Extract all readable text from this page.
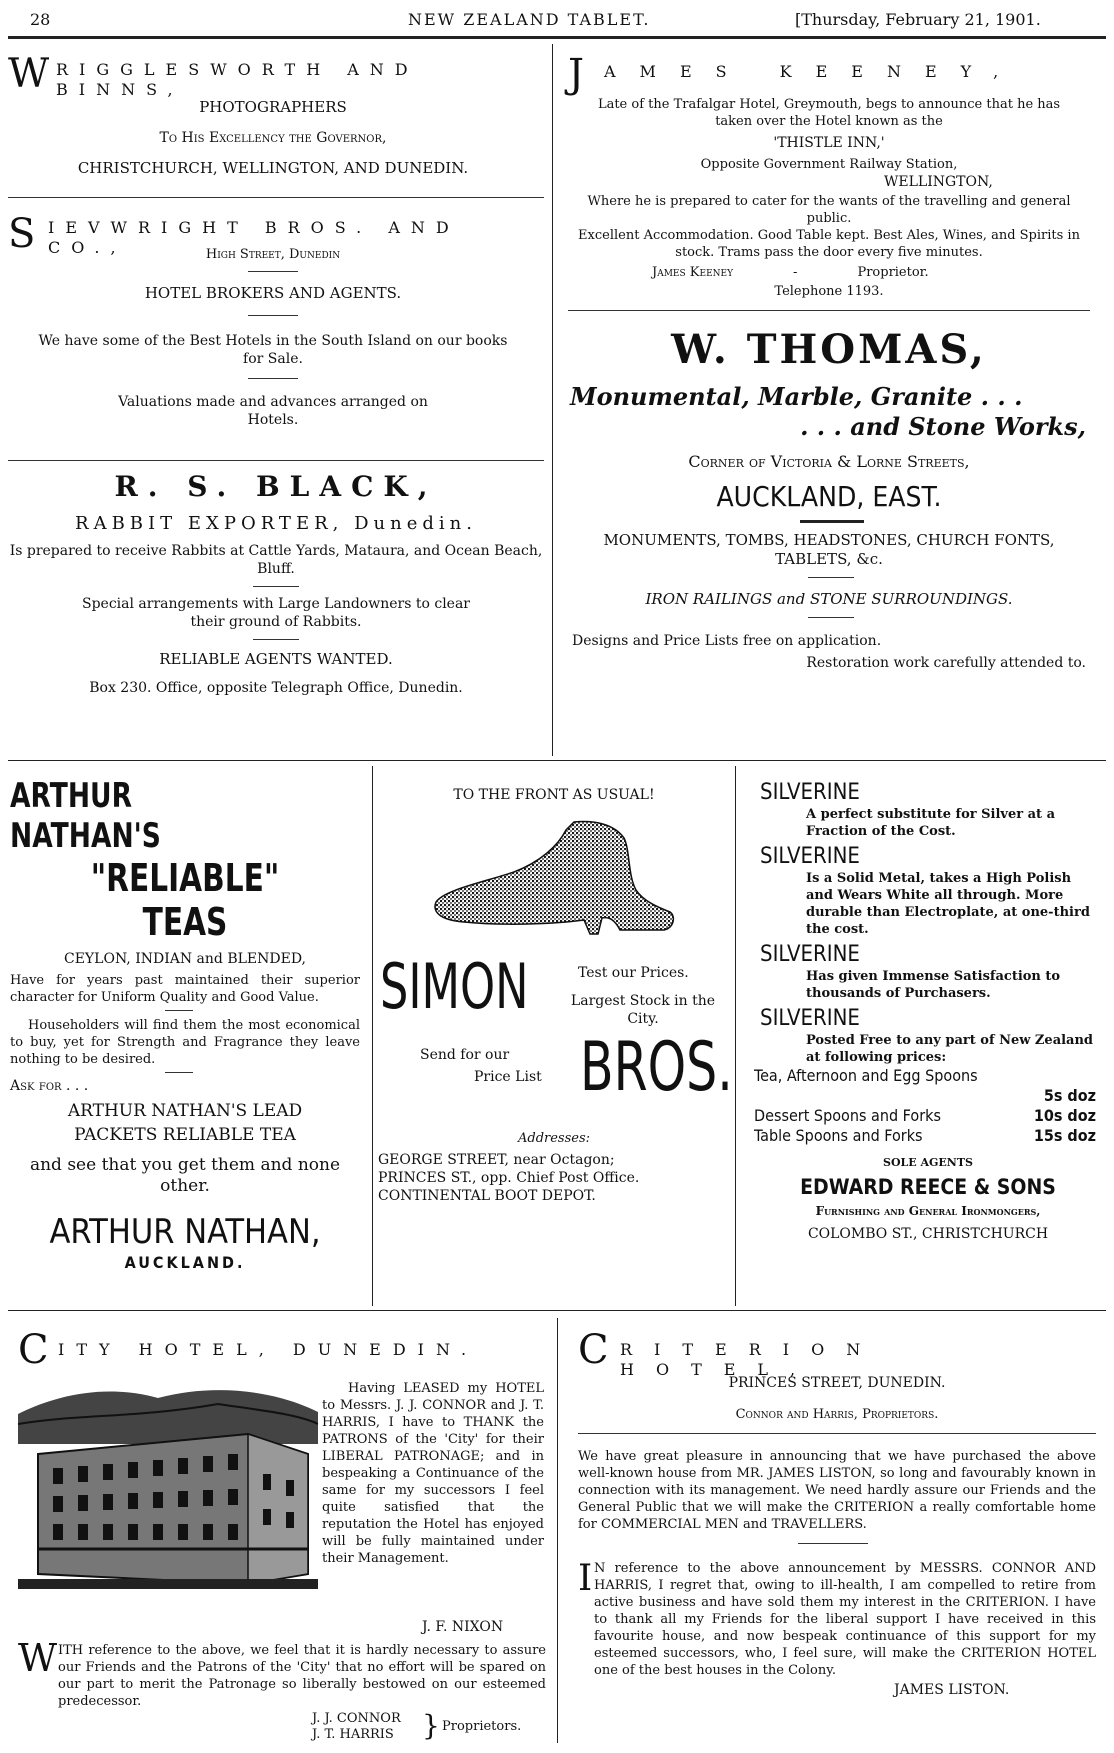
28	NEW ZEALAND TABLET.	[Thursday, February 21, 1901.
W RIGGLESWORTH AND BINNS,
PHOTOGRAPHERS
To His Excellency the Governor,
CHRISTCHURCH, WELLINGTON, AND DUNEDIN.
S IEVWRIGHT BROS. AND CO.,	High Street, Dunedin
HOTEL BROKERS AND AGENTS.
We have some of the Best Hotels in the South Island on our books for Sale.
Valuations made and advances arranged on Hotels.
R. S. BLACK,
RABBIT EXPORTER, Dunedin.
Is prepared to receive Rabbits at Cattle Yards, Mataura, and Ocean Beach, Bluff.
Special arrangements with Large Landowners to clear their ground of Rabbits.
RELIABLE AGENTS WANTED.
Box 230. Office, opposite Telegraph Office, Dunedin.
J AMES KEENEY,
Late of the Trafalgar Hotel, Greymouth, begs to announce that he has taken over the Hotel known as the
'THISTLE INN,'
Opposite Government Railway Station,
WELLINGTON,
Where he is prepared to cater for the wants of the travelling and general public.
Excellent Accommodation. Good Table kept. Best Ales, Wines, and Spirits in stock. Trams pass the door every five minutes.
James Keeney	-	Proprietor.
Telephone 1193.
W. THOMAS,
Monumental, Marble, Granite . . .
. . . and Stone Works,
Corner of Victoria & Lorne Streets,
AUCKLAND, EAST.
MONUMENTS, TOMBS, HEADSTONES, CHURCH FONTS, TABLETS, &c.
IRON RAILINGS and STONE SURROUNDINGS.
Designs and Price Lists free on application.
Restoration work carefully attended to.
ARTHUR NATHAN'S
"RELIABLE" TEAS
CEYLON, INDIAN and BLENDED,
Have for years past maintained their superior character for Uniform Quality and Good Value.
Householders will find them the most economical to buy, yet for Strength and Fragrance they leave nothing to be desired.
Ask for . . .
ARTHUR NATHAN'S LEAD PACKETS RELIABLE TEA
and see that you get them and none other.
ARTHUR NATHAN,
AUCKLAND.
TO THE FRONT AS USUAL!
SIMON	Test our Prices.
Largest Stock in the City.
Send for our
Price List BROS.
Addresses:
GEORGE STREET, near Octagon;
PRINCES ST., opp. Chief Post Office.
CONTINENTAL BOOT DEPOT.
SILVERINE
A perfect substitute for Silver at a Fraction of the Cost.
SILVERINE
Is a Solid Metal, takes a High Polish and Wears White all through. More durable than Electroplate, at one-third the cost.
SILVERINE
Has given Immense Satisfaction to thousands of Purchasers.
SILVERINE
Posted Free to any part of New Zealand at following prices:
Tea, Afternoon and Egg Spoons
5s doz
Dessert Spoons and Forks	10s doz
Table Spoons and Forks	15s doz
SOLE AGENTS
EDWARD REECE & SONS
Furnishing and General Ironmongers,
COLOMBO ST., CHRISTCHURCH
C ITY HOTEL, DUNEDIN.
Having LEASED my HOTEL to Messrs. J. J. CONNOR and J. T. HARRIS, I have to THANK the PATRONS of the 'City' for their LIBERAL PATRONAGE; and in bespeaking a Continuance of the same for my successors I feel quite satisfied that the reputation the Hotel has enjoyed will be fully maintained under their Management.
J. F. NIXON
W ITH reference to the above, we feel that it is hardly necessary to assure our Friends and the Patrons of the 'City' that no effort will be spared on our part to merit the Patronage so liberally bestowed on our esteemed predecessor.
J. J. CONNOR
J. T. HARRIS } Proprietors.
C RITERION HOTEL,
PRINCES STREET, DUNEDIN.
Connor and Harris, Proprietors.
We have great pleasure in announcing that we have purchased the above well-known house from MR. JAMES LISTON, so long and favourably known in connection with its management. We need hardly assure our Friends and the General Public that we will make the CRITERION a really comfortable home for COMMERCIAL MEN and TRAVELLERS.
I N reference to the above announcement by MESSRS. CONNOR AND HARRIS, I regret that, owing to ill-health, I am compelled to retire from active business and have sold them my interest in the CRITERION. I have to thank all my Friends for the liberal support I have received in this favourite house, and now bespeak continuance of this support for my esteemed successors, who, I feel sure, will make the CRITERION HOTEL one of the best houses in the Colony.
JAMES LISTON.
